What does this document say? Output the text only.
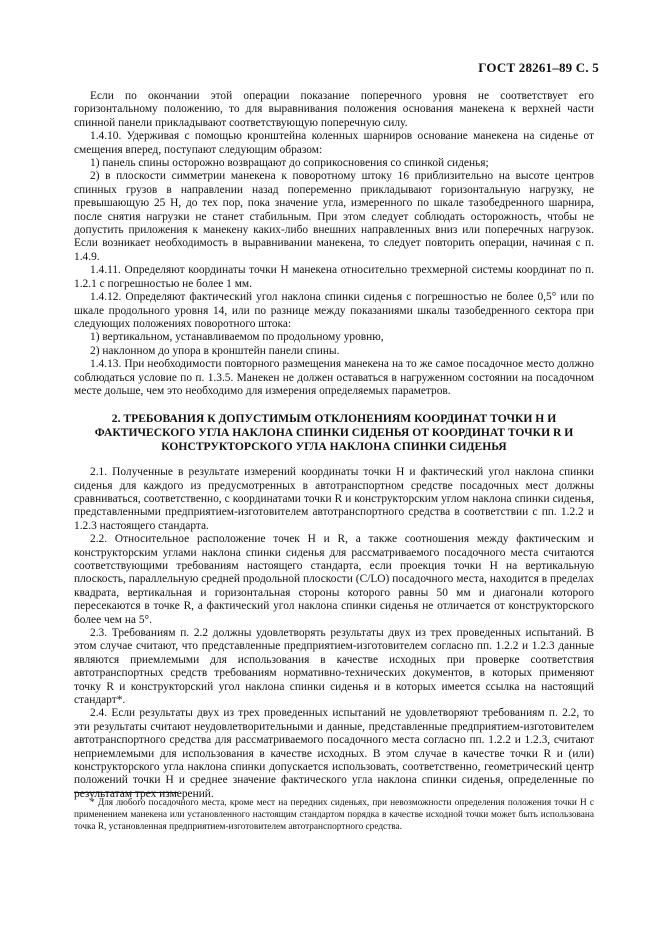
ГОСТ 28261–89 С. 5

Если по окончании этой операции показание поперечного уровня не соответствует его горизонтальному положению, то для выравнивания положения основания манекена к верхней части спинной панели прикладывают соответствующую поперечную силу.

1.4.10. Удерживая с помощью кронштейна коленных шарниров основание манекена на сиденье от смещения вперед, поступают следующим образом:

1) панель спины осторожно возвращают до соприкосновения со спинкой сиденья;

2) в плоскости симметрии манекена к поворотному штоку 16 приблизительно на высоте центров спинных грузов в направлении назад попеременно прикладывают горизонтальную нагрузку, не превышающую 25 Н, до тех пор, пока значение угла, измеренного по шкале тазобедренного шарнира, после снятия нагрузки не станет стабильным. При этом следует соблюдать осторожность, чтобы не допустить приложения к манекену каких-либо внешних направленных вниз или поперечных нагрузок. Если возникает необходимость в выравнивании манекена, то следует повторить операции, начиная с п. 1.4.9.

1.4.11. Определяют координаты точки H манекена относительно трехмерной системы координат по п. 1.2.1 с погрешностью не более 1 мм.

1.4.12. Определяют фактический угол наклона спинки сиденья с погрешностью не более 0,5° или по шкале продольного уровня 14, или по разнице между показаниями шкалы тазобедренного сектора при следующих положениях поворотного штока:

1) вертикальном, устанавливаемом по продольному уровню,

2) наклонном до упора в кронштейн панели спины.

1.4.13. При необходимости повторного размещения манекена на то же самое посадочное место должно соблюдаться условие по п. 1.3.5. Манекен не должен оставаться в нагруженном состоянии на посадочном месте дольше, чем это необходимо для измерения определяемых параметров.

2. ТРЕБОВАНИЯ К ДОПУСТИМЫМ ОТКЛОНЕНИЯМ КООРДИНАТ ТОЧКИ H И ФАКТИЧЕСКОГО УГЛА НАКЛОНА СПИНКИ СИДЕНЬЯ ОТ КООРДИНАТ ТОЧКИ R И КОНСТРУКТОРСКОГО УГЛА НАКЛОНА СПИНКИ СИДЕНЬЯ

2.1. Полученные в результате измерений координаты точки H и фактический угол наклона спинки сиденья для каждого из предусмотренных в автотранспортном средстве посадочных мест должны сравниваться, соответственно, с координатами точки R и конструкторским углом наклона спинки сиденья, представленными предприятием-изготовителем автотранспортного средства в соответствии с пп. 1.2.2 и 1.2.3 настоящего стандарта.

2.2. Относительное расположение точек H и R, а также соотношения между фактическим и конструкторским углами наклона спинки сиденья для рассматриваемого посадочного места считаются соответствующими требованиям настоящего стандарта, если проекция точки H на вертикальную плоскость, параллельную средней продольной плоскости (C/LO) посадочного места, находится в пределах квадрата, вертикальная и горизонтальная стороны которого равны 50 мм и диагонали которого пересекаются в точке R, а фактический угол наклона спинки сиденья не отличается от конструкторского более чем на 5°.

2.3. Требованиям п. 2.2 должны удовлетворять результаты двух из трех проведенных испытаний. В этом случае считают, что представленные предприятием-изготовителем согласно пп. 1.2.2 и 1.2.3 данные являются приемлемыми для использования в качестве исходных при проверке соответствия автотранспортных средств требованиям нормативно-технических документов, в которых применяют точку R и конструкторский угол наклона спинки сиденья и в которых имеется ссылка на настоящий стандарт*.

2.4. Если результаты двух из трех проведенных испытаний не удовлетворяют требованиям п. 2.2, то эти результаты считают неудовлетворительными и данные, представленные предприятием-изготовителем автотранспортного средства для рассматриваемого посадочного места согласно пп. 1.2.2 и 1.2.3, считают неприемлемыми для использования в качестве исходных. В этом случае в качестве точки R и (или) конструкторского угла наклона спинки допускается использовать, соответственно, геометрический центр положений точки H и среднее значение фактического угла наклона спинки сиденья, определенные по результатам трех измерений.

* Для любого посадочного места, кроме мест на передних сиденьях, при невозможности определения положения точки H с применением манекена или установленного настоящим стандартом порядка в качестве исходной точки может быть использована точка R, установленная предприятием-изготовителем автотранспортного средства.
